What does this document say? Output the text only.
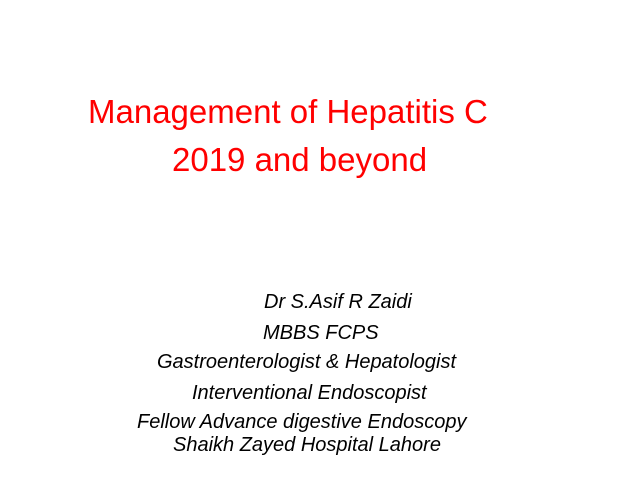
Management of Hepatitis C
2019 and beyond

Dr S.Asif R Zaidi

MBBS FCPS

Gastroenterologist & Hepatologist

Interventional Endoscopist

Fellow Advance digestive Endoscopy

Shaikh Zayed Hospital Lahore
